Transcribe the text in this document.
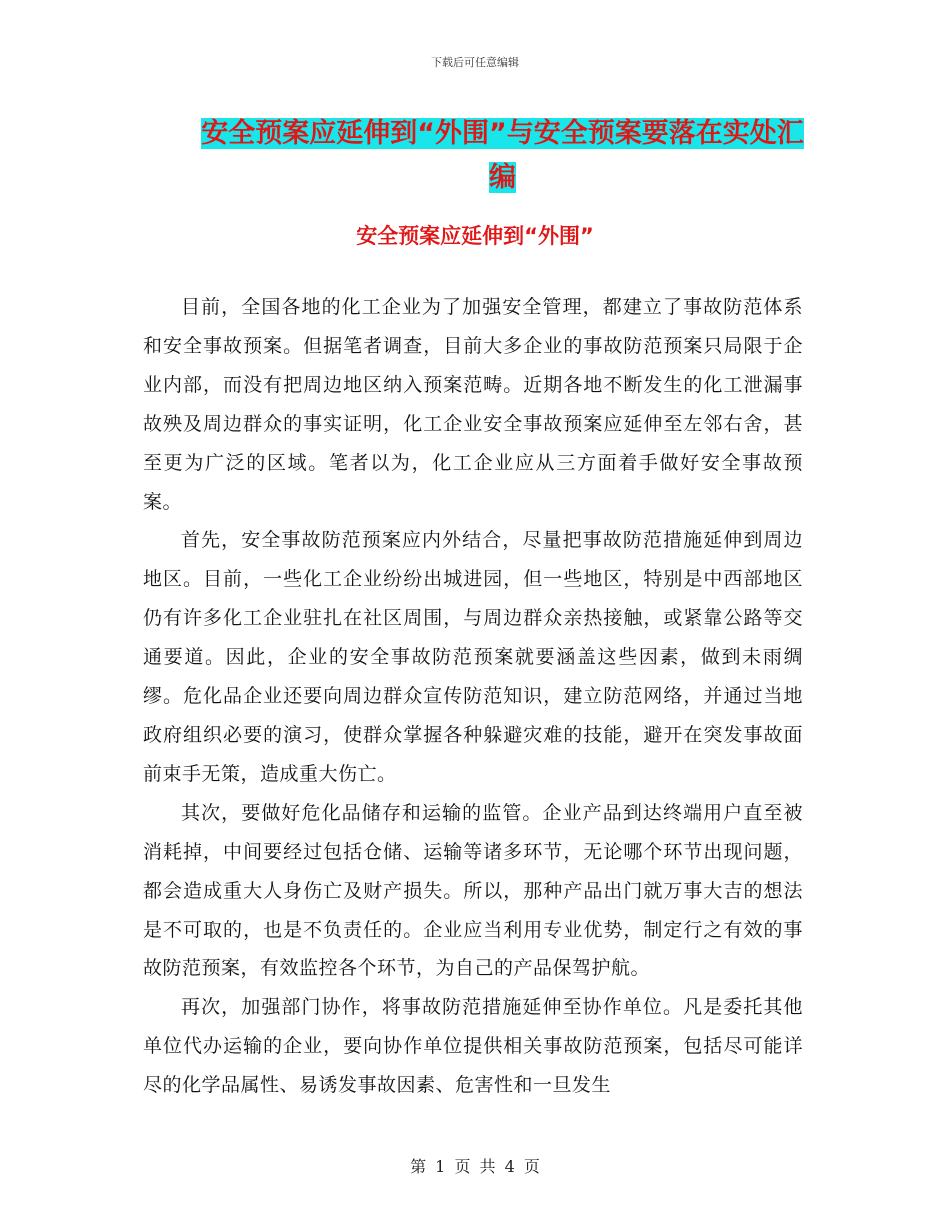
下载后可任意编辑
安全预案应延伸到“外围”与安全预案要落在实处汇编
安全预案应延伸到“外围”

目前，全国各地的化工企业为了加强安全管理，都建立了事故防范体系和安全事故预案。但据笔者调查，目前大多企业的事故防范预案只局限于企业内部，而没有把周边地区纳入预案范畴。近期各地不断发生的化工泄漏事故殃及周边群众的事实证明，化工企业安全事故预案应延伸至左邻右舍，甚至更为广泛的区域。笔者以为，化工企业应从三方面着手做好安全事故预案。

首先，安全事故防范预案应内外结合，尽量把事故防范措施延伸到周边地区。目前，一些化工企业纷纷出城进园，但一些地区，特别是中西部地区仍有许多化工企业驻扎在社区周围，与周边群众亲热接触，或紧靠公路等交通要道。因此，企业的安全事故防范预案就要涵盖这些因素，做到未雨绸缪。危化品企业还要向周边群众宣传防范知识，建立防范网络，并通过当地政府组织必要的演习，使群众掌握各种躲避灾难的技能，避开在突发事故面前束手无策，造成重大伤亡。

其次，要做好危化品储存和运输的监管。企业产品到达终端用户直至被消耗掉，中间要经过包括仓储、运输等诸多环节，无论哪个环节出现问题，都会造成重大人身伤亡及财产损失。所以，那种产品出门就万事大吉的想法是不可取的，也是不负责任的。企业应当利用专业优势，制定行之有效的事故防范预案，有效监控各个环节，为自己的产品保驾护航。

再次，加强部门协作，将事故防范措施延伸至协作单位。凡是委托其他单位代办运输的企业，要向协作单位提供相关事故防范预案，包括尽可能详尽的化学品属性、易诱发事故因素、危害性和一旦发生

第 1 页 共 4 页
